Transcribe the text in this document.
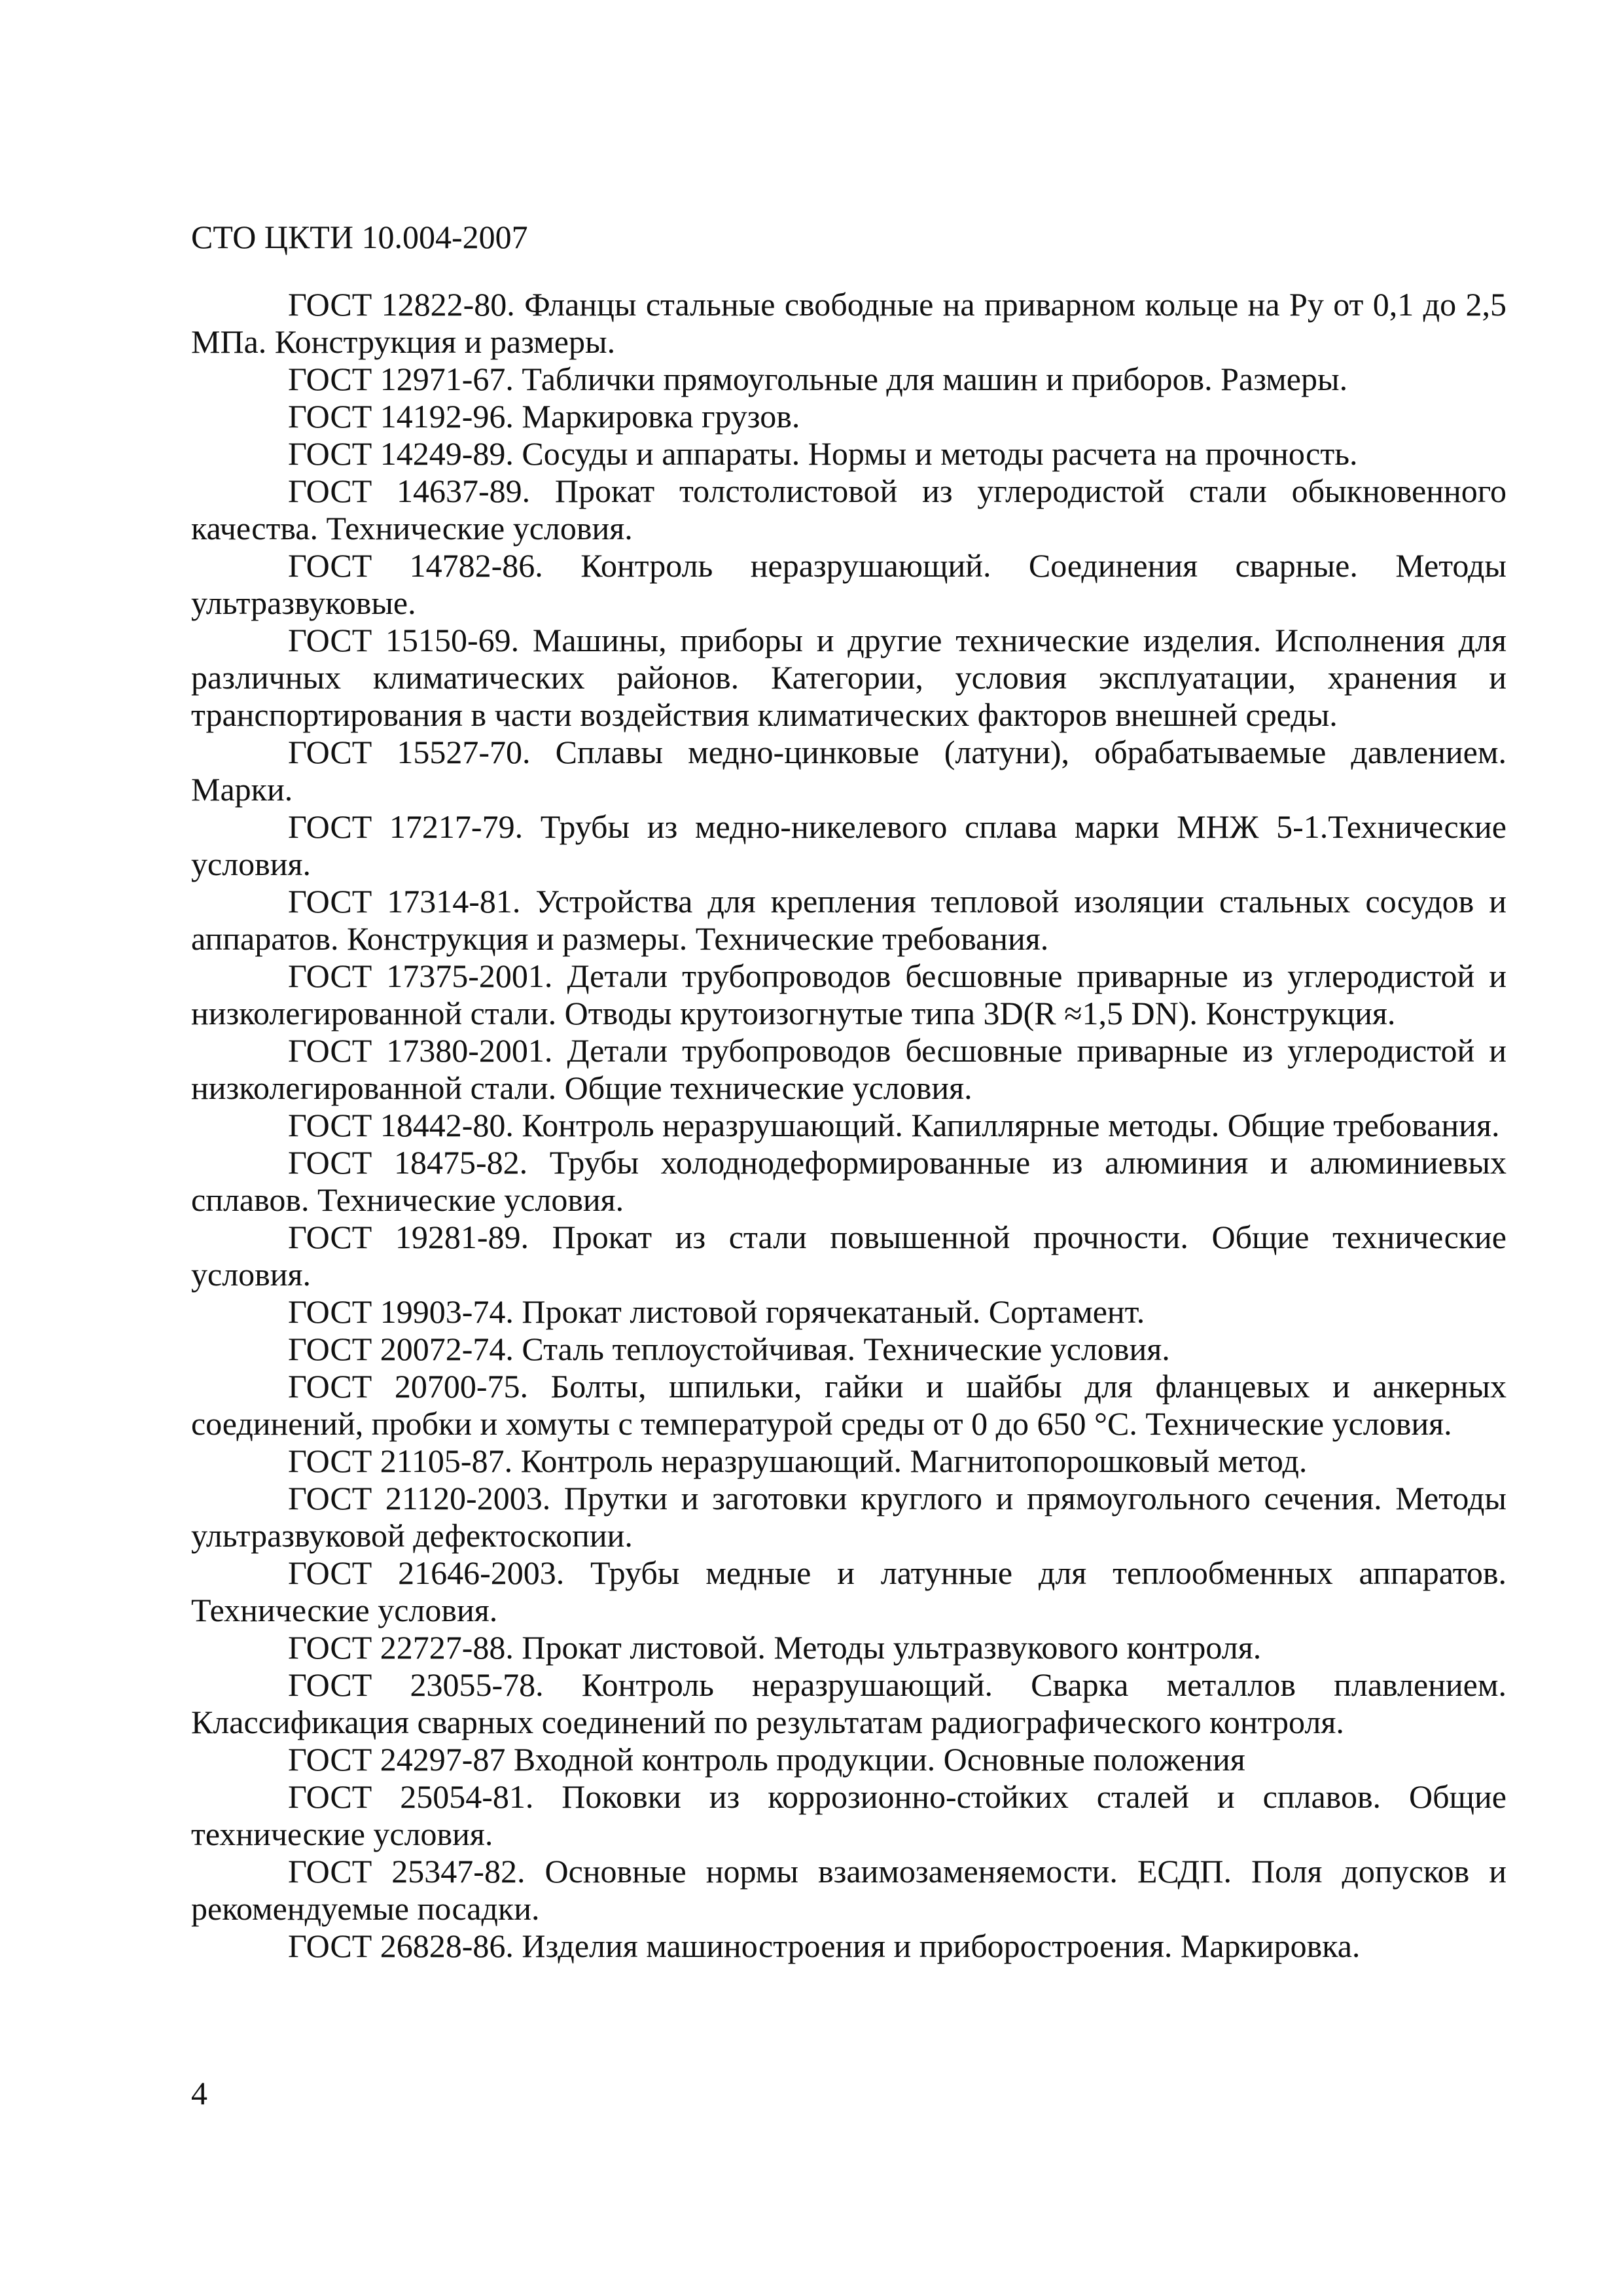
СТО ЦКТИ 10.004-2007

ГОСТ 12822-80. Фланцы стальные свободные на приварном кольце на Ру от 0,1 до 2,5 МПа. Конструкция и размеры.

ГОСТ 12971-67. Таблички прямоугольные для машин и приборов. Размеры.

ГОСТ 14192-96. Маркировка грузов.

ГОСТ 14249-89. Сосуды и аппараты. Нормы и методы расчета на прочность.

ГОСТ 14637-89. Прокат толстолистовой из углеродистой стали обыкновенного качества. Технические условия.

ГОСТ 14782-86. Контроль неразрушающий. Соединения сварные. Методы ультразвуковые.

ГОСТ 15150-69. Машины, приборы и другие технические изделия. Исполнения для различных климатических районов. Категории, условия эксплуатации, хранения и транспортирования в части воздействия климатических факторов внешней среды.

ГОСТ 15527-70. Сплавы медно-цинковые (латуни), обрабатываемые давлением. Марки.

ГОСТ 17217-79. Трубы из медно-никелевого сплава марки МНЖ 5-1.Технические условия.

ГОСТ 17314-81. Устройства для крепления тепловой изоляции стальных сосудов и аппаратов. Конструкция и размеры. Технические требования.

ГОСТ 17375-2001. Детали трубопроводов бесшовные приварные из углеродистой и низколегированной стали. Отводы крутоизогнутые типа 3D(R ≈1,5 DN). Конструкция.

ГОСТ 17380-2001. Детали трубопроводов бесшовные приварные из углеродистой и низколегированной стали. Общие технические условия.

ГОСТ 18442-80. Контроль неразрушающий. Капиллярные методы. Общие требования.

ГОСТ 18475-82. Трубы холоднодеформированные из алюминия и алюминиевых сплавов. Технические условия.

ГОСТ 19281-89. Прокат из стали повышенной прочности. Общие технические условия.

ГОСТ 19903-74. Прокат листовой горячекатаный. Сортамент.

ГОСТ 20072-74. Сталь теплоустойчивая. Технические условия.

ГОСТ 20700-75. Болты, шпильки, гайки и шайбы для фланцевых и анкерных соединений, пробки и хомуты с температурой среды от 0 до 650 °С. Технические условия.

ГОСТ 21105-87. Контроль неразрушающий. Магнитопорошковый метод.

ГОСТ 21120-2003. Прутки и заготовки круглого и прямоугольного сечения. Методы ультразвуковой дефектоскопии.

ГОСТ 21646-2003. Трубы медные и латунные для теплообменных аппаратов. Технические условия.

ГОСТ 22727-88. Прокат листовой. Методы ультразвукового контроля.

ГОСТ 23055-78. Контроль неразрушающий. Сварка металлов плавлением. Классификация сварных соединений по результатам радиографического контроля.

ГОСТ 24297-87 Входной контроль продукции. Основные положения

ГОСТ 25054-81. Поковки из коррозионно-стойких сталей и сплавов. Общие технические условия.

ГОСТ 25347-82. Основные нормы взаимозаменяемости. ЕСДП. Поля допусков и рекомендуемые посадки.

ГОСТ 26828-86. Изделия машиностроения и приборостроения. Маркировка.

4
